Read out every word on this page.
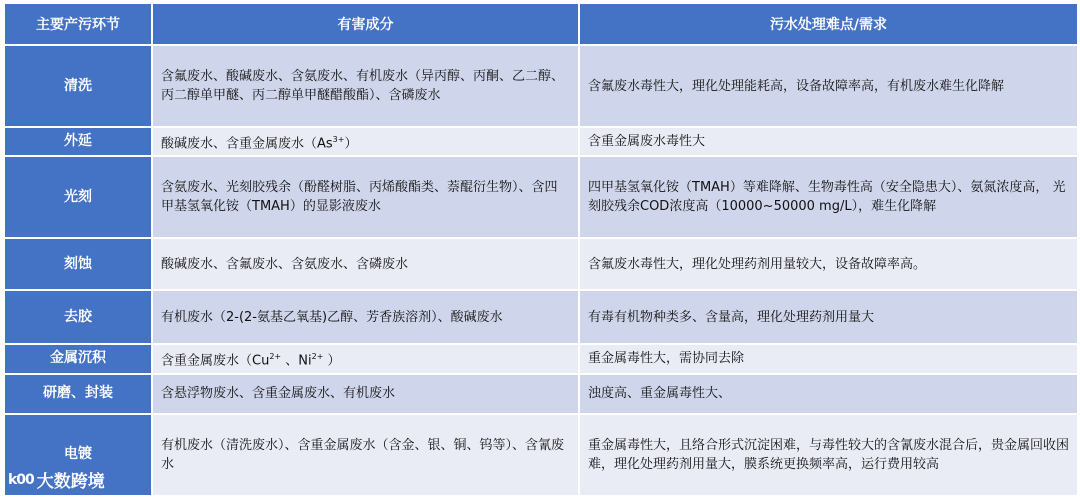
主要产污环节	有害成分	污水处理难点/需求
清洗	含氟废水、酸碱废水、含氨废水、有机废水（异丙醇、丙酮、乙二醇、丙二醇单甲醚、丙二醇单甲醚醋酸酯）、含磷废水	含氟废水毒性大，理化处理能耗高，设备故障率高，有机废水难生化降解
外延	酸碱废水、含重金属废水$(As^{3+})$	含重金属废水毒性大
光刻	含氨废水、光刻胶残余（酚醛树脂、丙烯酸酯类、萘醌衍生物）、含四甲基氢氧化铵（TMAH）的显影液废水	四甲基氢氧化铵（TMAH）等难降解、生物毒性高（安全隐患大）、氨氮浓度高， 光刻胶残余COD浓度高（10000~50000 mg/L），难生化降解
刻蚀	酸碱废水、含氟废水、含氨废水、含磷废水	含氟废水毒性大，理化处理药剂用量较大，设备故障率高。
去胶	有机废水（2-(2-氨基乙氧基)乙醇、芳香族溶剂）、酸碱废水	有毒有机物种类多、含量高，理化处理药剂用量大
金属沉积	含重金属废水（$Cu^{2+}$ 、$Ni^{2+}$ ）	重金属毒性大，需协同去除
研磨、封装	含悬浮物废水、含重金属废水、有机废水	浊度高、重金属毒性大、
电镀	有机废水（清洗废水）、含重金属废水（含金、银、铜、钨等）、含氰废水	重金属毒性大，且络合形式沉淀困难，与毒性较大的含氰废水混合后，贵金属回收困难，理化处理药剂用量大，膜系统更换频率高，运行费用较高
k00 大数跨境
